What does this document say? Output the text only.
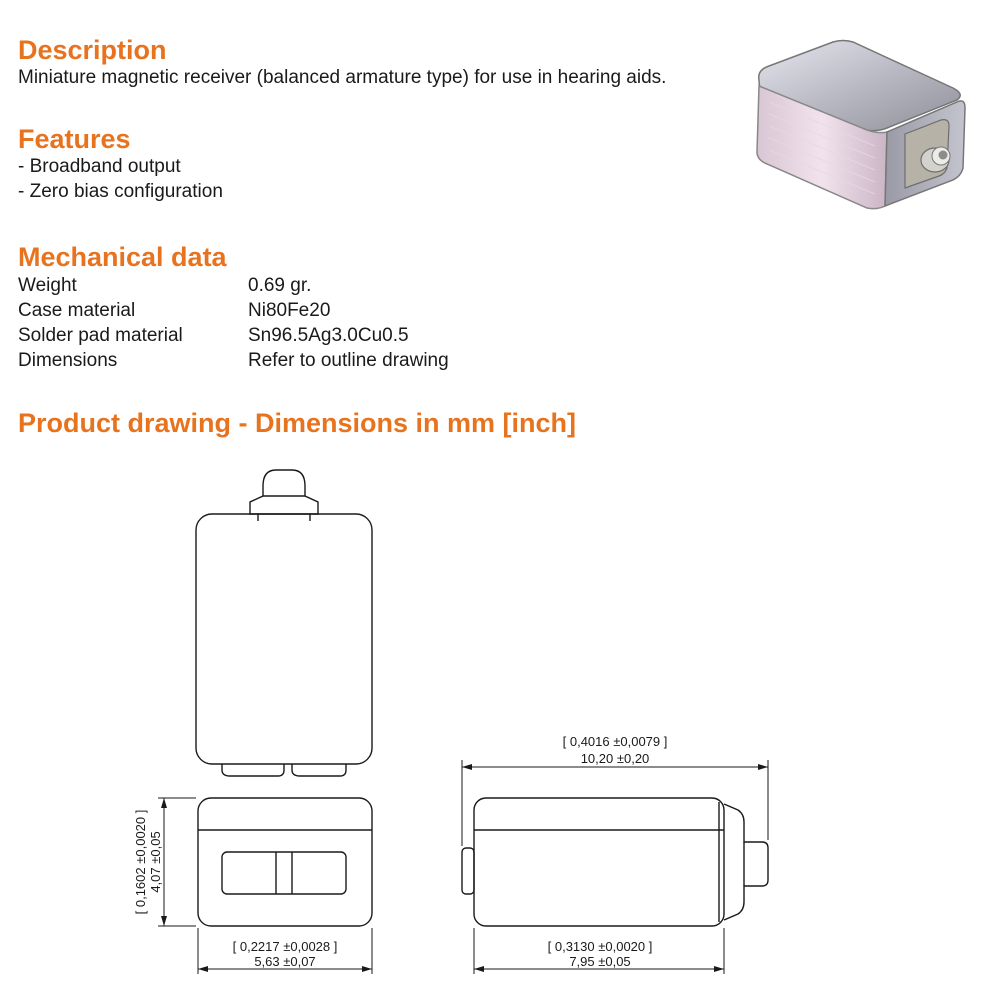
Description

Miniature magnetic receiver (balanced armature type) for use in hearing aids.

Features

- Broadband output

- Zero bias configuration

Mechanical data
Weight	0.69 gr.
Case material	Ni80Fe20
Solder pad material	Sn96.5Ag3.0Cu0.5
Dimensions	Refer to outline drawing
Product drawing - Dimensions in mm [inch]
[ 0,4016 ±0,0079 ]
10,20 ±0,20
[ 0,2217 ±0,0028 ]
5,63 ±0,07
[ 0,3130 ±0,0020 ]
7,95 ±0,05
[ 0,1602 ±0,0020 ]
4,07 ±0,05
